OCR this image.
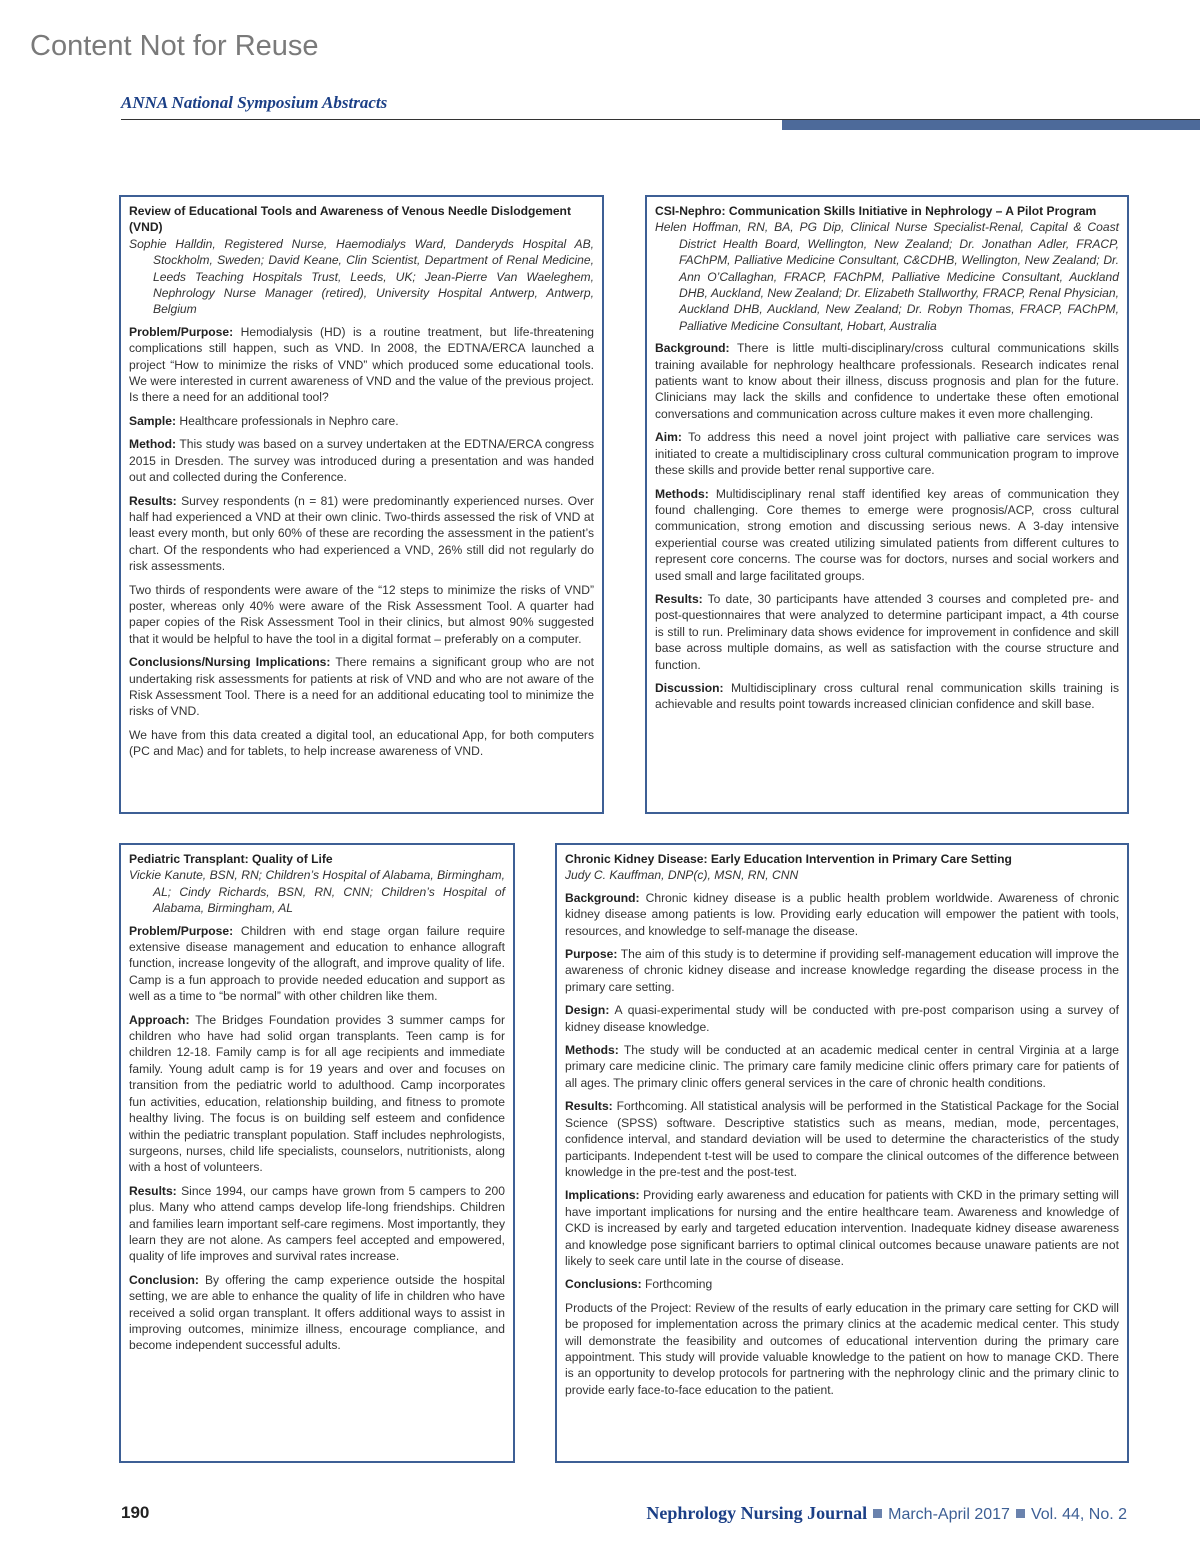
Content Not for Reuse
ANNA National Symposium Abstracts
Review of Educational Tools and Awareness of Venous Needle Dislodgement (VND)
Sophie Halldin, Registered Nurse, Haemodialys Ward, Danderyds Hospital AB, Stockholm, Sweden; David Keane, Clin Scientist, Department of Renal Medicine, Leeds Teaching Hospitals Trust, Leeds, UK; Jean-Pierre Van Waeleghem, Nephrology Nurse Manager (retired), University Hospital Antwerp, Antwerp, Belgium

Problem/Purpose: Hemodialysis (HD) is a routine treatment, but life-threatening complications still happen, such as VND. In 2008, the EDTNA/ERCA launched a project “How to minimize the risks of VND” which produced some educational tools. We were interested in current awareness of VND and the value of the previous project. Is there a need for an additional tool?

Sample: Healthcare professionals in Nephro care.

Method: This study was based on a survey undertaken at the EDTNA/ERCA congress 2015 in Dresden. The survey was introduced during a presentation and was handed out and collected during the Conference.

Results: Survey respondents (n = 81) were predominantly experienced nurses. Over half had experienced a VND at their own clinic. Two-thirds assessed the risk of VND at least every month, but only 60% of these are recording the assessment in the patient’s chart. Of the respondents who had experienced a VND, 26% still did not regularly do risk assessments.

Two thirds of respondents were aware of the “12 steps to minimize the risks of VND” poster, whereas only 40% were aware of the Risk Assessment Tool. A quarter had paper copies of the Risk Assessment Tool in their clinics, but almost 90% suggested that it would be helpful to have the tool in a digital format – preferably on a computer.

Conclusions/Nursing Implications: There remains a significant group who are not undertaking risk assessments for patients at risk of VND and who are not aware of the Risk Assessment Tool. There is a need for an additional educating tool to minimize the risks of VND.

We have from this data created a digital tool, an educational App, for both computers (PC and Mac) and for tablets, to help increase awareness of VND.

CSI-Nephro: Communication Skills Initiative in Nephrology – A Pilot Program
Helen Hoffman, RN, BA, PG Dip, Clinical Nurse Specialist-Renal, Capital & Coast District Health Board, Wellington, New Zealand; Dr. Jonathan Adler, FRACP, FAChPM, Palliative Medicine Consultant, C&CDHB, Wellington, New Zealand; Dr. Ann O’Callaghan, FRACP, FAChPM, Palliative Medicine Consultant, Auckland DHB, Auckland, New Zealand; Dr. Elizabeth Stallworthy, FRACP, Renal Physician, Auckland DHB, Auckland, New Zealand; Dr. Robyn Thomas, FRACP, FAChPM, Palliative Medicine Consultant, Hobart, Australia

Background: There is little multi-disciplinary/cross cultural communications skills training available for nephrology healthcare professionals. Research indicates renal patients want to know about their illness, discuss prognosis and plan for the future. Clinicians may lack the skills and confidence to undertake these often emotional conversations and communication across culture makes it even more challenging.

Aim: To address this need a novel joint project with palliative care services was initiated to create a multidisciplinary cross cultural communication program to improve these skills and provide better renal supportive care.

Methods: Multidisciplinary renal staff identified key areas of communication they found challenging. Core themes to emerge were prognosis/ACP, cross cultural communication, strong emotion and discussing serious news. A 3-day intensive experiential course was created utilizing simulated patients from different cultures to represent core concerns. The course was for doctors, nurses and social workers and used small and large facilitated groups.

Results: To date, 30 participants have attended 3 courses and completed pre- and post-questionnaires that were analyzed to determine participant impact, a 4th course is still to run. Preliminary data shows evidence for improvement in confidence and skill base across multiple domains, as well as satisfaction with the course structure and function.

Discussion: Multidisciplinary cross cultural renal communication skills training is achievable and results point towards increased clinician confidence and skill base.

Pediatric Transplant: Quality of Life
Vickie Kanute, BSN, RN; Children’s Hospital of Alabama, Birmingham, AL; Cindy Richards, BSN, RN, CNN; Children’s Hospital of Alabama, Birmingham, AL

Problem/Purpose: Children with end stage organ failure require extensive disease management and education to enhance allograft function, increase longevity of the allograft, and improve quality of life. Camp is a fun approach to provide needed education and support as well as a time to “be normal” with other children like them.

Approach: The Bridges Foundation provides 3 summer camps for children who have had solid organ transplants. Teen camp is for children 12-18. Family camp is for all age recipients and immediate family. Young adult camp is for 19 years and over and focuses on transition from the pediatric world to adulthood. Camp incorporates fun activities, education, relationship building, and fitness to promote healthy living. The focus is on building self esteem and confidence within the pediatric transplant population. Staff includes nephrologists, surgeons, nurses, child life specialists, counselors, nutritionists, along with a host of volunteers.

Results: Since 1994, our camps have grown from 5 campers to 200 plus. Many who attend camps develop life-long friendships. Children and families learn important self-care regimens. Most importantly, they learn they are not alone. As campers feel accepted and empowered, quality of life improves and survival rates increase.

Conclusion: By offering the camp experience outside the hospital setting, we are able to enhance the quality of life in children who have received a solid organ transplant. It offers additional ways to assist in improving outcomes, minimize illness, encourage compliance, and become independent successful adults.

Chronic Kidney Disease: Early Education Intervention in Primary Care Setting
Judy C. Kauffman, DNP(c), MSN, RN, CNN

Background: Chronic kidney disease is a public health problem worldwide. Awareness of chronic kidney disease among patients is low. Providing early education will empower the patient with tools, resources, and knowledge to self-manage the disease.

Purpose: The aim of this study is to determine if providing self-management education will improve the awareness of chronic kidney disease and increase knowledge regarding the disease process in the primary care setting.

Design: A quasi-experimental study will be conducted with pre-post comparison using a survey of kidney disease knowledge.

Methods: The study will be conducted at an academic medical center in central Virginia at a large primary care medicine clinic. The primary care family medicine clinic offers primary care for patients of all ages. The primary clinic offers general services in the care of chronic health conditions.

Results: Forthcoming. All statistical analysis will be performed in the Statistical Package for the Social Science (SPSS) software. Descriptive statistics such as means, median, mode, percentages, confidence interval, and standard deviation will be used to determine the characteristics of the study participants. Independent t-test will be used to compare the clinical outcomes of the difference between knowledge in the pre-test and the post-test.

Implications: Providing early awareness and education for patients with CKD in the primary setting will have important implications for nursing and the entire healthcare team. Awareness and knowledge of CKD is increased by early and targeted education intervention. Inadequate kidney disease awareness and knowledge pose significant barriers to optimal clinical outcomes because unaware patients are not likely to seek care until late in the course of disease.

Conclusions: Forthcoming

Products of the Project: Review of the results of early education in the primary care setting for CKD will be proposed for implementation across the primary clinics at the academic medical center. This study will demonstrate the feasibility and outcomes of educational intervention during the primary care appointment. This study will provide valuable knowledge to the patient on how to manage CKD. There is an opportunity to develop protocols for partnering with the nephrology clinic and the primary clinic to provide early face-to-face education to the patient.

190	Nephrology Nursing Journal March-April 2017 Vol. 44, No. 2
